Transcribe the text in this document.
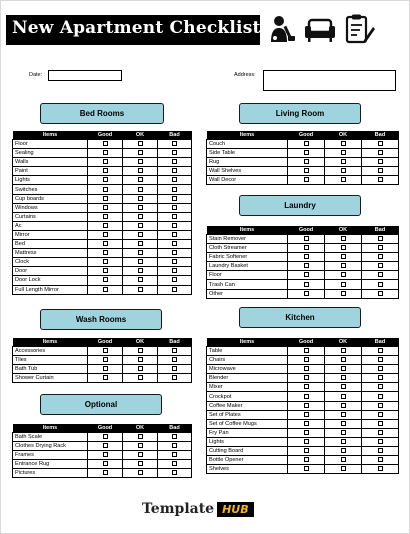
New Apartment Checklist
Date:	Address:
Bed Rooms	Living Room
Laundry
Wash Rooms	Kitchen
Optional
Items	Good	OK	Bad
Floor			
Sealing			
Walls			
Paint			
Lights			
Switches			
Cup boards			
Windows			
Curtains			
Ac			
Mirror			
Bed			
Mattress			
Clock			
Door			
Door Lock			
Full Length Mirror			
Items	Good	OK	Bad
Couch			
Side Table			
Rug			
Wall Shelves			
Wall Decor			
Items	Good	OK	Bad
Stain Remover			
Cloth Streamer			
Fabric Softener			
Laundry Basket			
Floor			
Trash Can			
Other			
Items	Good	OK	Bad
Accessories			
Tiles			
Bath Tub			
Shower Curtain			
Items	Good	OK	Bad
Table			
Chairs			
Microwave			
Blender			
Mixer			
Crockpot			
Coffee Maker			
Set of Plates			
Set of Coffee Mugs			
Fry Pan			
Lights			
Cutting Board			
Bottle Opener			
Shelves			
Items	Good	OK	Bad
Bath Scale			
Clothes Drying Rack			
Frames			
Entrance Rug			
Pictures			
Template HUB
